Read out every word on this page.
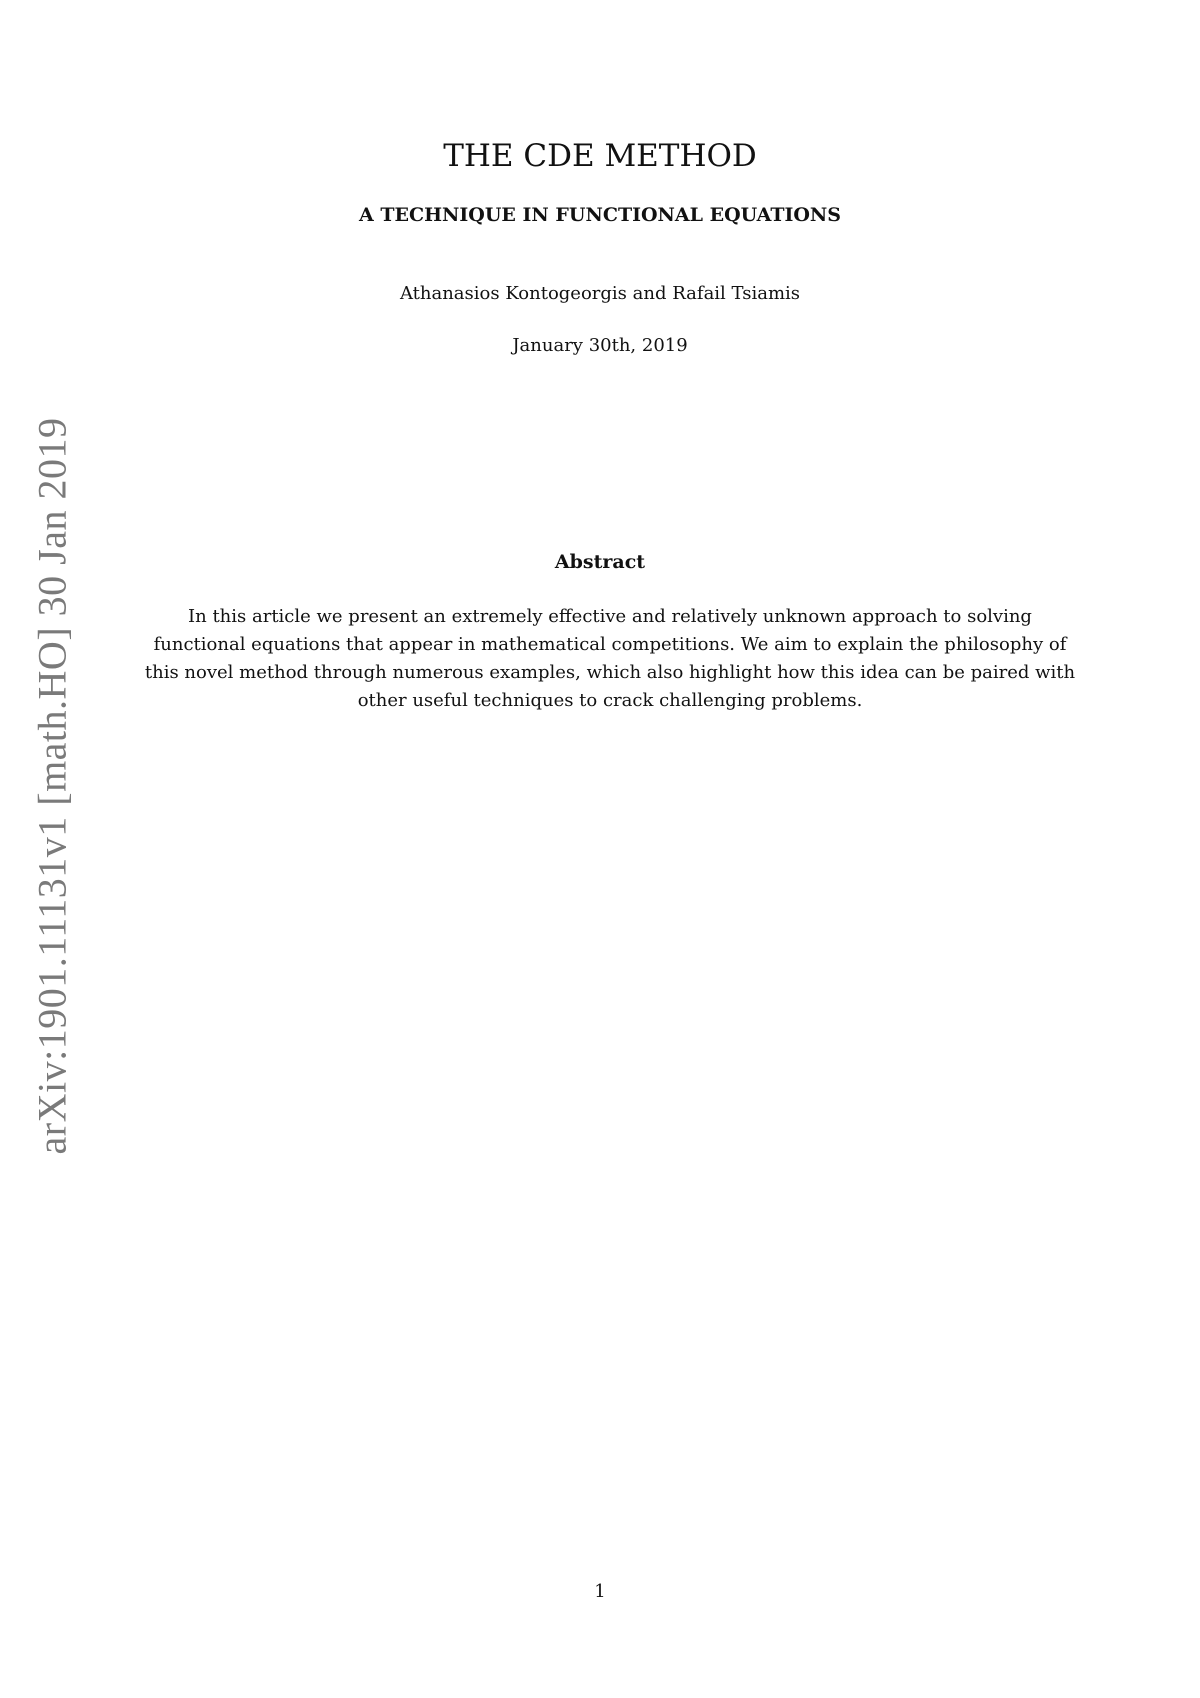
arXiv:1901.11131v1 [math.HO] 30 Jan 2019
THE CDE METHOD
A TECHNIQUE IN FUNCTIONAL EQUATIONS
Athanasios Kontogeorgis and Rafail Tsiamis
January 30th, 2019
Abstract

In this article we present an extremely effective and relatively unknown approach to solving functional equations that appear in mathematical competitions. We aim to explain the philosophy of this novel method through numerous examples, which also highlight how this idea can be paired with other useful techniques to crack challenging problems.

1
